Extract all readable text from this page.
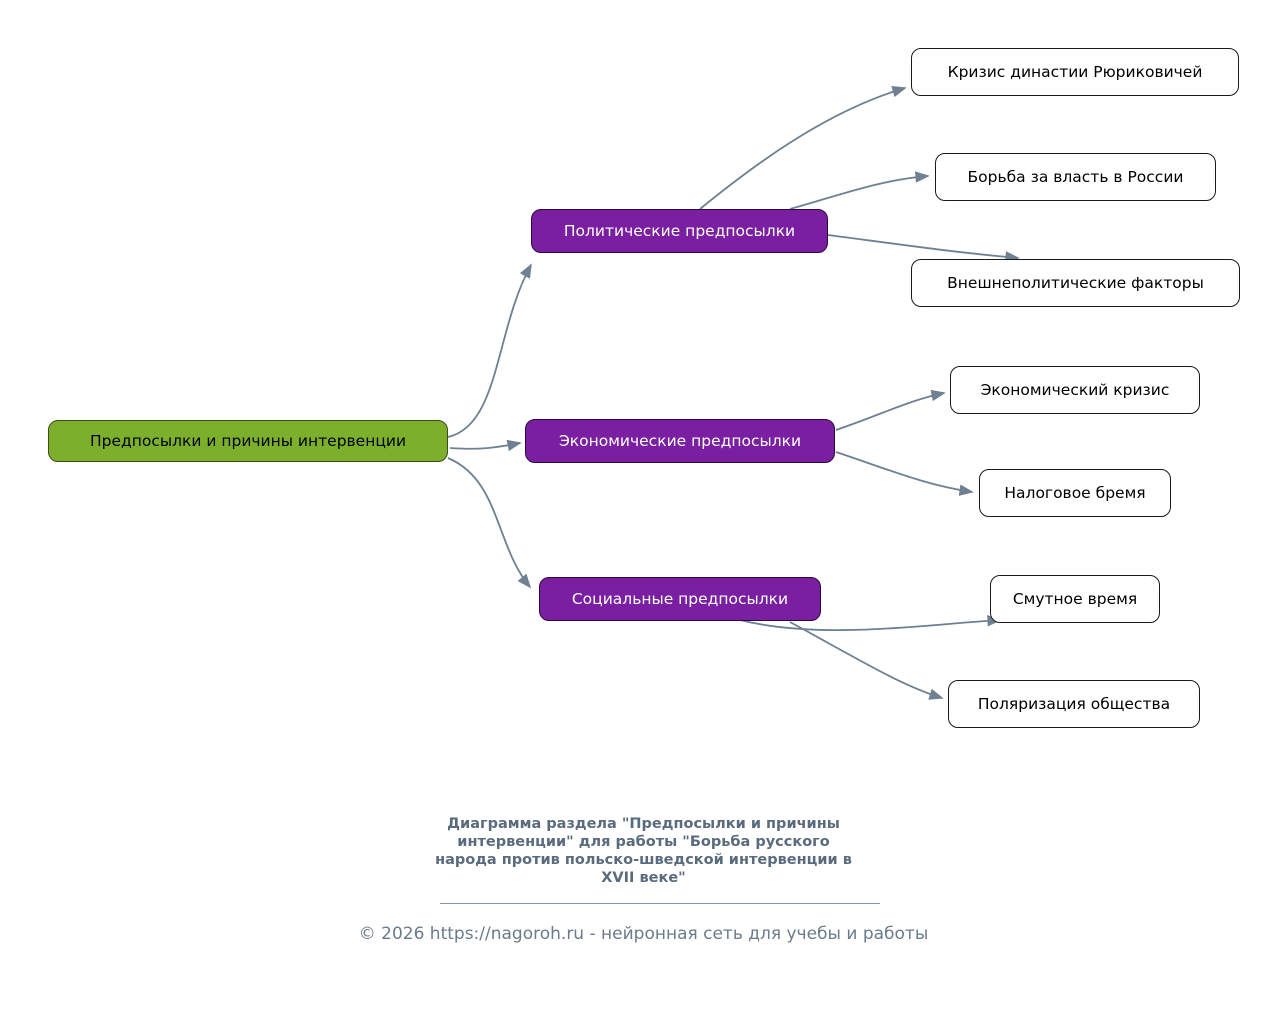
Предпосылки и причины интервенции
Политические предпосылки
Кризис династии Рюриковичей
Борьба за власть в России
Внешнеполитические факторы
Экономические предпосылки
Экономический кризис
Налоговое бремя
Социальные предпосылки	Смутное время
Поляризация общества
Диаграмма раздела "Предпосылки и причины
интервенции" для работы "Борьба русского
народа против польско-шведской интервенции в
XVII веке"
© 2026 https://nagoroh.ru - нейронная сеть для учебы и работы
